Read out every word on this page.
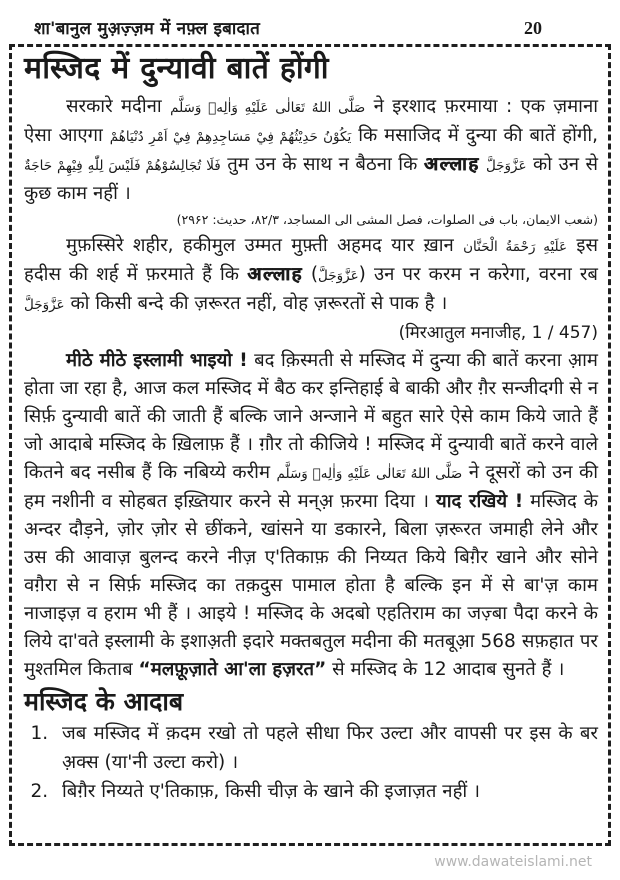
शा'बानुल मुअ़ज़्ज़म में नफ़्ल इबादात	20
मस्जिद में दुन्यावी बातें होंगी

सरकारे मदीना صَلَّى اللهُ تَعَالٰى عَلَيْهِ وَاٰلِهٖ وَسَلَّم ने इरशाद फ़रमाया : एक ज़माना ऐसा आएगा يَكُوْنُ حَدِيْثُهُمْ فِيْ مَسَاجِدِهِمْ فِيْ اَمْرِ دُنْيَاهُمْ कि मसाजिद में दुन्या की बातें होंगी, فَلَا تُجَالِسُوْهُمْ فَلَيْسَ لِلّٰهِ فِيْهِمْ حَاجَةٌ तुम उन के साथ न बैठना कि अल्लाह عَزَّوَجَلَّ को उन से कुछ काम नहीं ।

(شعب الایمان، باب فی الصلوات، فصل المشی الی المساجد، ۸۲/۳، حدیث: ۲۹۶۲)

मुफ़स्सिरे शहीर, हकीमुल उम्मत मुफ़्ती अहमद यार ख़ान عَلَيْهِ رَحْمَةُ الْحَنَّان इस हदीस की शर्ह में फ़रमाते हैं कि अल्लाह (عَزَّوَجَلَّ) उन पर करम न करेगा, वरना रब عَزَّوَجَلَّ को किसी बन्दे की ज़रूरत नहीं, वोह ज़रूरतों से पाक है ।

(मिरआतुल मनाजीह, 1 / 457)

मीठे मीठे इस्लामी भाइयो ! बद क़िस्मती से मस्जिद में दुन्या की बातें करना आ़म होता जा रहा है, आज कल मस्जिद में बैठ कर इन्तिहाई बे बाकी और ग़ैर सन्जीदगी से न सिर्फ़ दुन्यावी बातें की जाती हैं बल्कि जाने अन्जाने में बहुत सारे ऐसे काम किये जाते हैं जो आदाबे मस्जिद के ख़िलाफ़ हैं । ग़ौर तो कीजिये ! मस्जिद में दुन्यावी बातें करने वाले कितने बद नसीब हैं कि नबिय्ये करीम صَلَّى اللهُ تَعَالٰى عَلَيْهِ وَاٰلِهٖ وَسَلَّم ने दूसरों को उन की हम नशीनी व सोहबत इख़्तियार करने से मन्अ़ फ़रमा दिया । याद रखिये ! मस्जिद के अन्दर दौड़ने, ज़ोर ज़ोर से छींकने, खांसने या डकारने, बिला ज़रूरत जमाही लेने और उस की आवाज़ बुलन्द करने नीज़ ए'तिकाफ़ की निय्यत किये बिग़ैर खाने और सोने वग़ैरा से न सिर्फ़ मस्जिद का तक़दुस पामाल होता है बल्कि इन में से बा'ज़ काम नाजाइज़ व हराम भी हैं । आइये ! मस्जिद के अदबो एहतिराम का जज़्बा पैदा करने के लिये दा'वते इस्लामी के इशाअ़ती इदारे मक्तबतुल मदीना की मतबूआ़ 568 सफ़हात पर मुश्तमिल किताब “मलफ़ूज़ाते आ'ला हज़रत” से मस्जिद के 12 आदाब सुनते हैं ।

मस्जिद के आदाब
1. जब मस्जिद में क़दम रखो तो पहले सीधा फिर उल्टा और वापसी पर इस के बर अ़क्स (या'नी उल्टा करो) ।
2. बिग़ैर निय्यते ए'तिकाफ़, किसी चीज़ के खाने की इजाज़त नहीं ।
www.dawateislami.net
